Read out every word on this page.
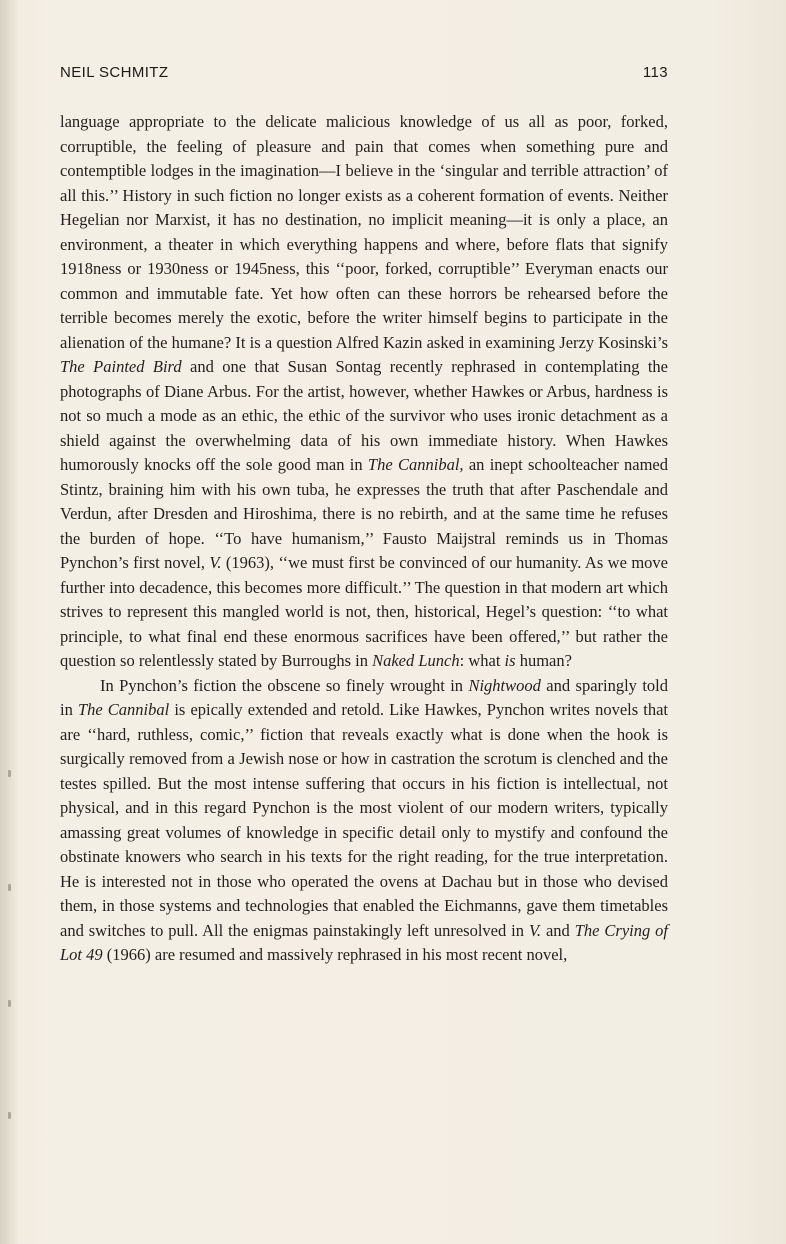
NEIL SCHMITZ	113

language appropriate to the delicate malicious knowledge of us all as poor, forked, corruptible, the feeling of pleasure and pain that comes when something pure and contemptible lodges in the imagination—I believe in the ‘singular and terrible attraction’ of all this.’’ History in such fiction no longer exists as a coherent formation of events. Neither Hegelian nor Marxist, it has no destination, no implicit meaning—it is only a place, an environment, a theater in which everything happens and where, before flats that signify 1918ness or 1930ness or 1945ness, this ‘‘poor, forked, corruptible’’ Everyman enacts our common and immutable fate. Yet how often can these horrors be rehearsed before the terrible becomes merely the exotic, before the writer himself begins to participate in the alienation of the humane? It is a question Alfred Kazin asked in examining Jerzy Kosinski’s The Painted Bird and one that Susan Sontag recently rephrased in contemplating the photographs of Diane Arbus. For the artist, however, whether Hawkes or Arbus, hardness is not so much a mode as an ethic, the ethic of the survivor who uses ironic detachment as a shield against the overwhelming data of his own immediate history. When Hawkes humorously knocks off the sole good man in The Cannibal, an inept schoolteacher named Stintz, braining him with his own tuba, he expresses the truth that after Paschendale and Verdun, after Dresden and Hiroshima, there is no rebirth, and at the same time he refuses the burden of hope. ‘‘To have humanism,’’ Fausto Maijstral reminds us in Thomas Pynchon’s first novel, V. (1963), ‘‘we must first be convinced of our humanity. As we move further into decadence, this becomes more difficult.’’ The question in that modern art which strives to represent this mangled world is not, then, historical, Hegel’s question: ‘‘to what principle, to what final end these enormous sacrifices have been offered,’’ but rather the question so relentlessly stated by Burroughs in Naked Lunch: what is human?

In Pynchon’s fiction the obscene so finely wrought in Nightwood and sparingly told in The Cannibal is epically extended and retold. Like Hawkes, Pynchon writes novels that are ‘‘hard, ruthless, comic,’’ fiction that reveals exactly what is done when the hook is surgically removed from a Jewish nose or how in castration the scrotum is clenched and the testes spilled. But the most intense suffering that occurs in his fiction is intellectual, not physical, and in this regard Pynchon is the most violent of our modern writers, typically amassing great volumes of knowledge in specific detail only to mystify and confound the obstinate knowers who search in his texts for the right reading, for the true interpretation. He is interested not in those who operated the ovens at Dachau but in those who devised them, in those systems and technologies that enabled the Eichmanns, gave them timetables and switches to pull. All the enigmas painstakingly left unresolved in V. and The Crying of Lot 49 (1966) are resumed and massively rephrased in his most recent novel,
